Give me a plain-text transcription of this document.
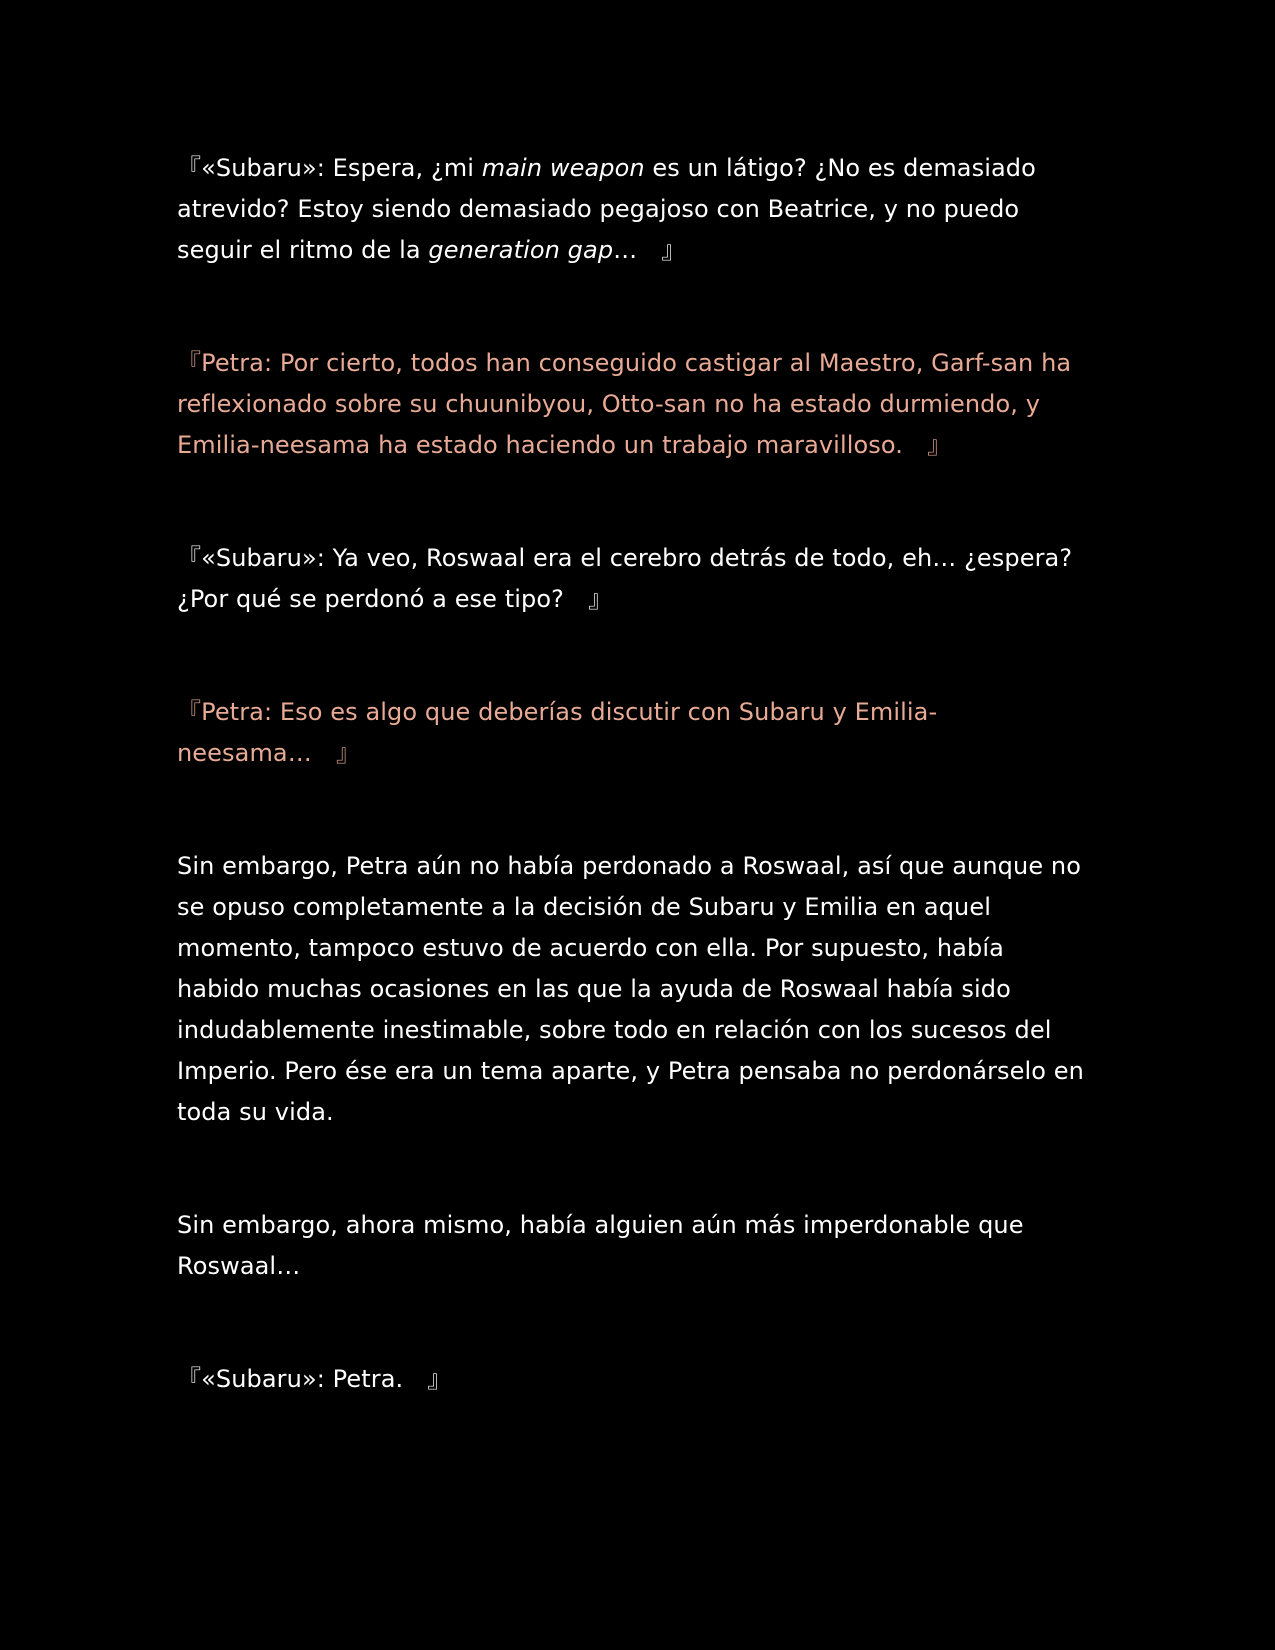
『«Subaru»: Espera, ¿mi main weapon es un látigo? ¿No es demasiado atrevido? Estoy siendo demasiado pegajoso con Beatrice, y no puedo seguir el ritmo de la generation gap…　』

『Petra: Por cierto, todos han conseguido castigar al Maestro, Garf-san ha reflexionado sobre su chuunibyou, Otto-san no ha estado durmiendo, y Emilia-neesama ha estado haciendo un trabajo maravilloso.　』

『«Subaru»: Ya veo, Roswaal era el cerebro detrás de todo, eh… ¿espera? ¿Por qué se perdonó a ese tipo?　』

『Petra: Eso es algo que deberías discutir con Subaru y Emilia-neesama…　』

Sin embargo, Petra aún no había perdonado a Roswaal, así que aunque no se opuso completamente a la decisión de Subaru y Emilia en aquel momento, tampoco estuvo de acuerdo con ella. Por supuesto, había habido muchas ocasiones en las que la ayuda de Roswaal había sido indudablemente inestimable, sobre todo en relación con los sucesos del Imperio. Pero ése era un tema aparte, y Petra pensaba no perdonárselo en toda su vida.

Sin embargo, ahora mismo, había alguien aún más imperdonable que Roswaal…

『«Subaru»: Petra.　』
